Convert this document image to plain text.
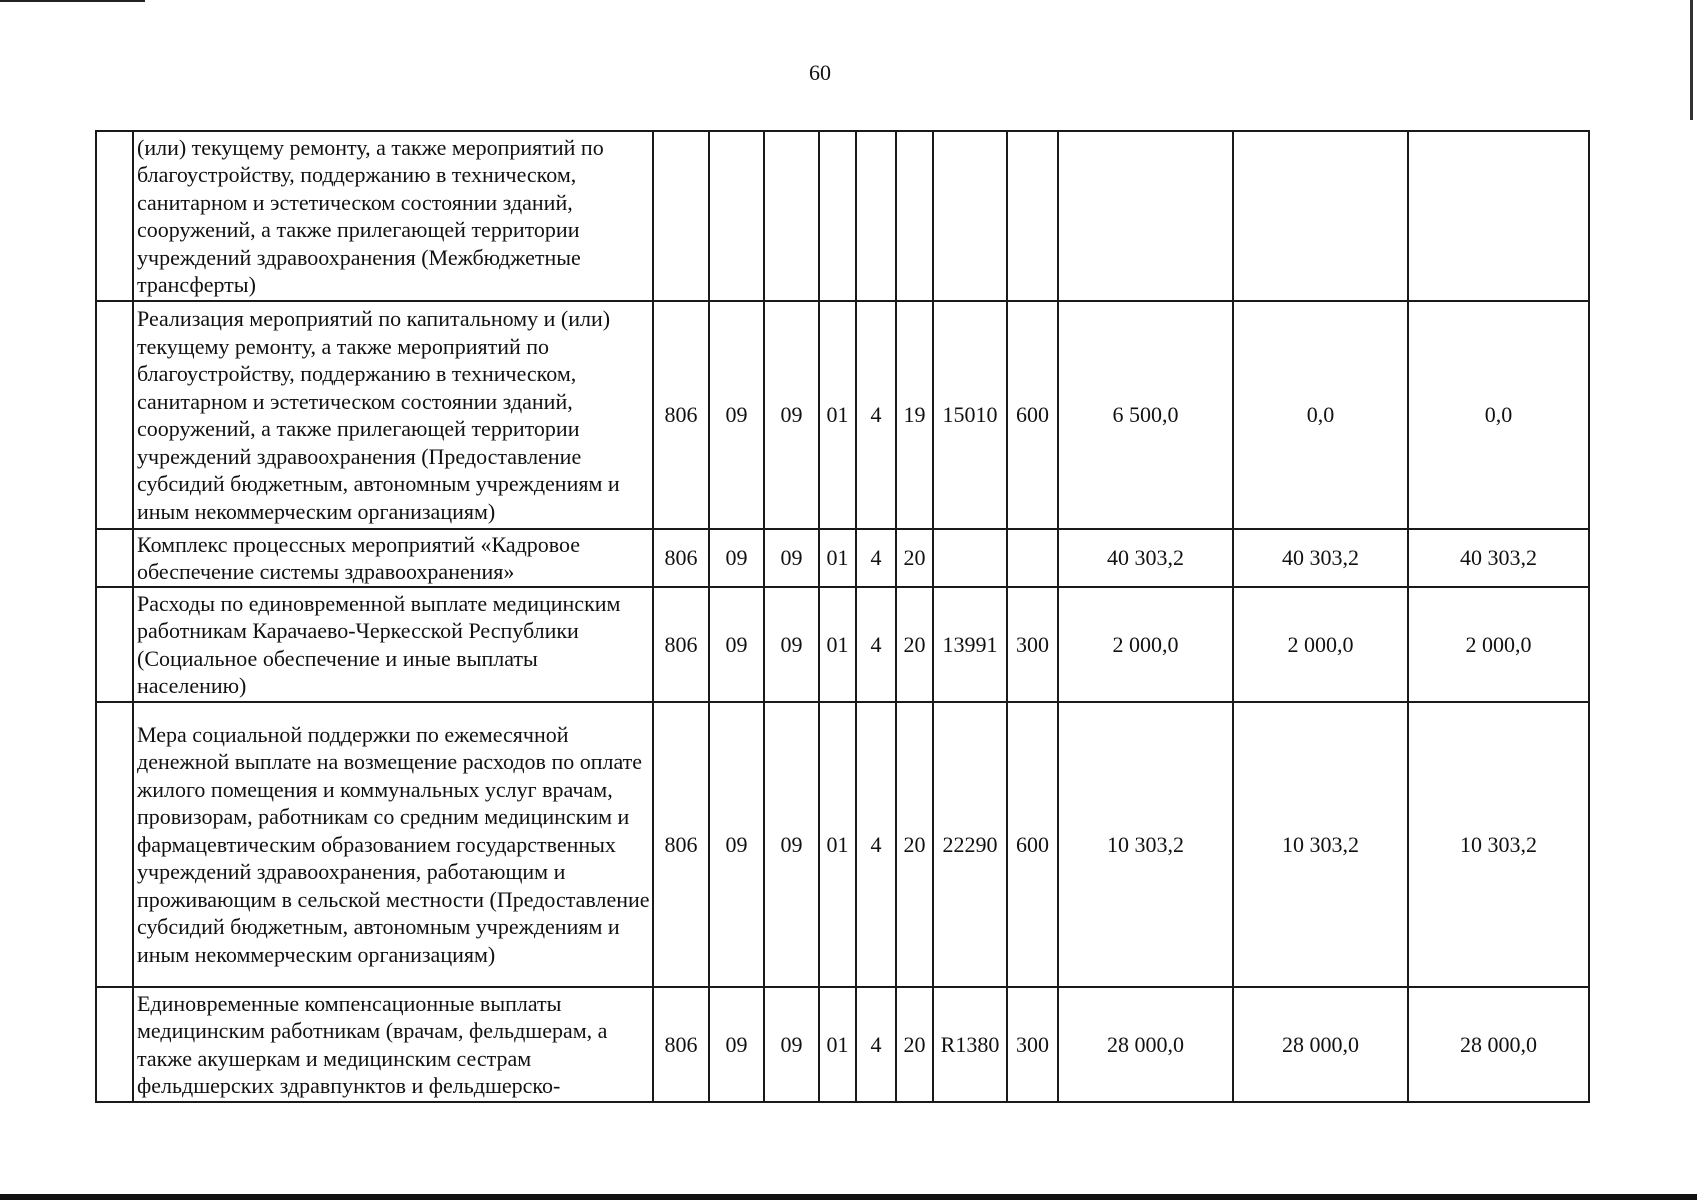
60
	(или) текущему ремонту, а также мероприятий по благоустройству, поддержанию в техническом, санитарном и эстетическом состоянии зданий, сооружений, а также прилегающей территории учреждений здравоохранения (Межбюджетные трансферты)											
	Реализация мероприятий по капитальному и (или) текущему ремонту, а также мероприятий по благоустройству, поддержанию в техническом, санитарном и эстетическом состоянии зданий, сооружений, а также прилегающей территории учреждений здравоохранения (Предоставление субсидий бюджетным, автономным учреждениям и иным некоммерческим организациям)	806	09	09	01	4	19	15010	600	6 500,0	0,0	0,0
	Комплекс процессных мероприятий «Кадровое обеспечение системы здравоохранения»	806	09	09	01	4	20			40 303,2	40 303,2	40 303,2
	Расходы по единовременной выплате медицинским работникам Карачаево-Черкесской Республики (Социальное обеспечение и иные выплаты населению)	806	09	09	01	4	20	13991	300	2 000,0	2 000,0	2 000,0
	Мера социальной поддержки по ежемесячной денежной выплате на возмещение расходов по оплате жилого помещения и коммунальных услуг врачам, провизорам, работникам со средним медицинским и фармацевтическим образованием государственных учреждений здравоохранения, работающим и проживающим в сельской местности (Предоставление субсидий бюджетным, автономным учреждениям и иным некоммерческим организациям)	806	09	09	01	4	20	22290	600	10 303,2	10 303,2	10 303,2
	Единовременные компенсационные выплаты медицинским работникам (врачам, фельдшерам, а также акушеркам и медицинским сестрам фельдшерских здравпунктов и фельдшерско-	806	09	09	01	4	20	R1380	300	28 000,0	28 000,0	28 000,0
